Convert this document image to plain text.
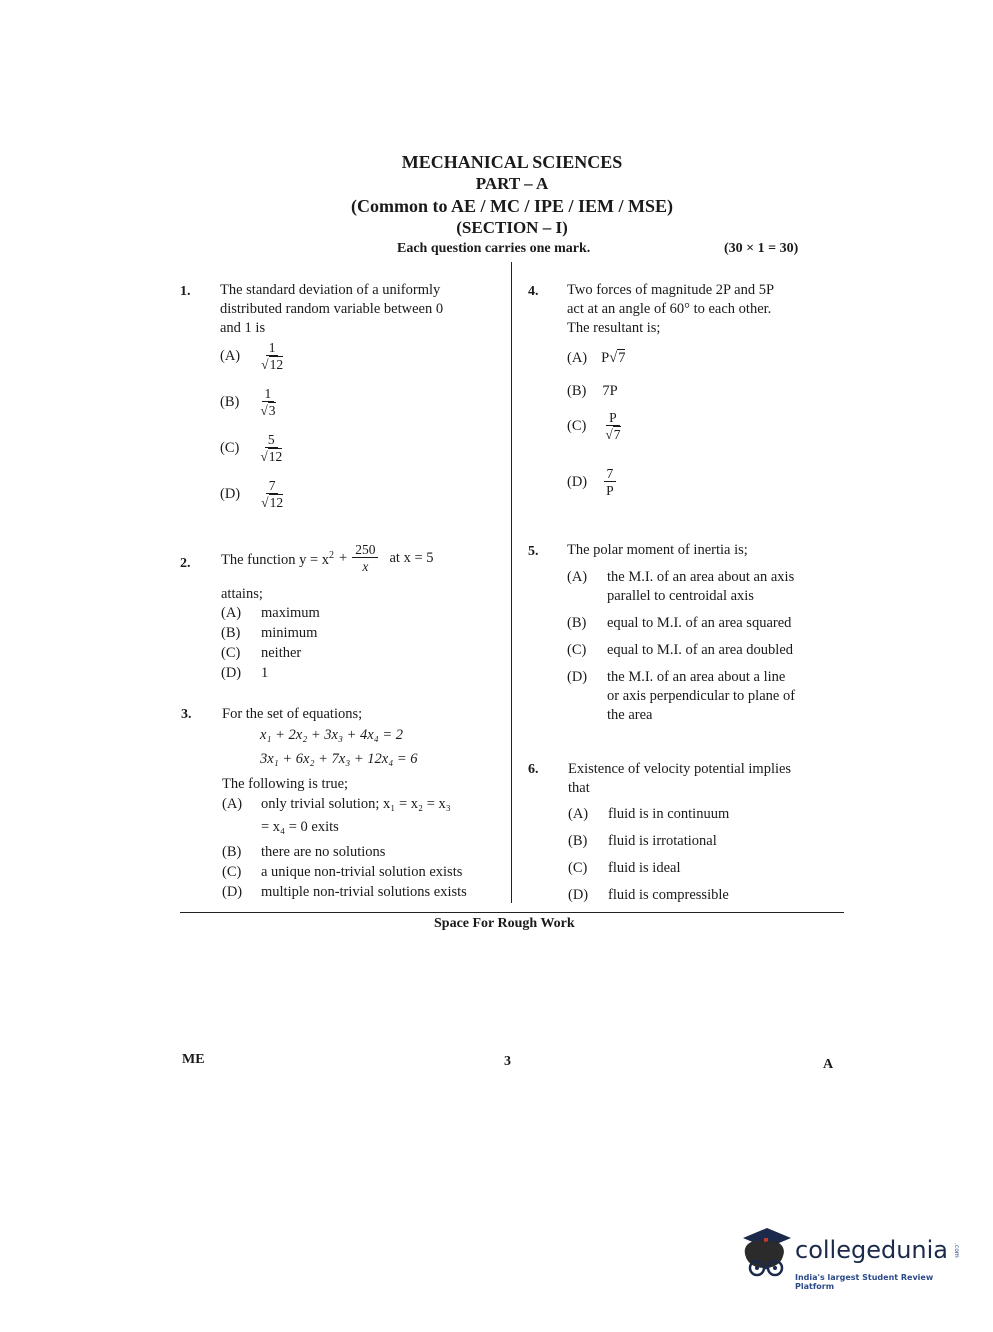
MECHANICAL SCIENCES
PART – A
(Common to AE / MC / IPE / IEM / MSE)
(SECTION – I)
Each question carries one mark.	(30 × 1 = 30)
1. The standard deviation of a uniformly
distributed random variable between 0
and 1 is
$(A) \frac{1}{√12}$
$(B) \frac{1}{√3}$
$(C) \frac{5}{√12}$
$(D) \frac{7}{√12}$
2. The function $y = x^2 + \frac{250}{x}$ at x = 5
attains;
(A) maximum
(B) minimum
(C) neither
(D) 1
3. For the set of equations;
x₁ + 2x₂ + 3x₃ + 4x₄ = 2
3x₁ + 6x₂ + 7x₃ + 12x₄ = 6
The following is true;
(A) only trivial solution; x₁ = x₂ = x₃
= x₄ = 0 exits
(B) there are no solutions
(C) a unique non-trivial solution exists
(D) multiple non-trivial solutions exists
4. Two forces of magnitude 2P and 5P
act at an angle of 60° to each other.
The resultant is;
(A) P√7
(B) 7P
$(C) \frac{P}{√7}$
$(D) \frac{7}{P}$
5. The polar moment of inertia is;
(A) the M.I. of an area about an axis
parallel to centroidal axis
(B) equal to M.I. of an area squared
(C) equal to M.I. of an area doubled
(D) the M.I. of an area about a line
or axis perpendicular to plane of
the area
6. Existence of velocity potential implies
that
(A) fluid is in continuum
(B) fluid is irrotational
(C) fluid is ideal
(D) fluid is compressible
Space For Rough Work
ME	3	A
collegedunia .com
India's largest Student Review Platform
